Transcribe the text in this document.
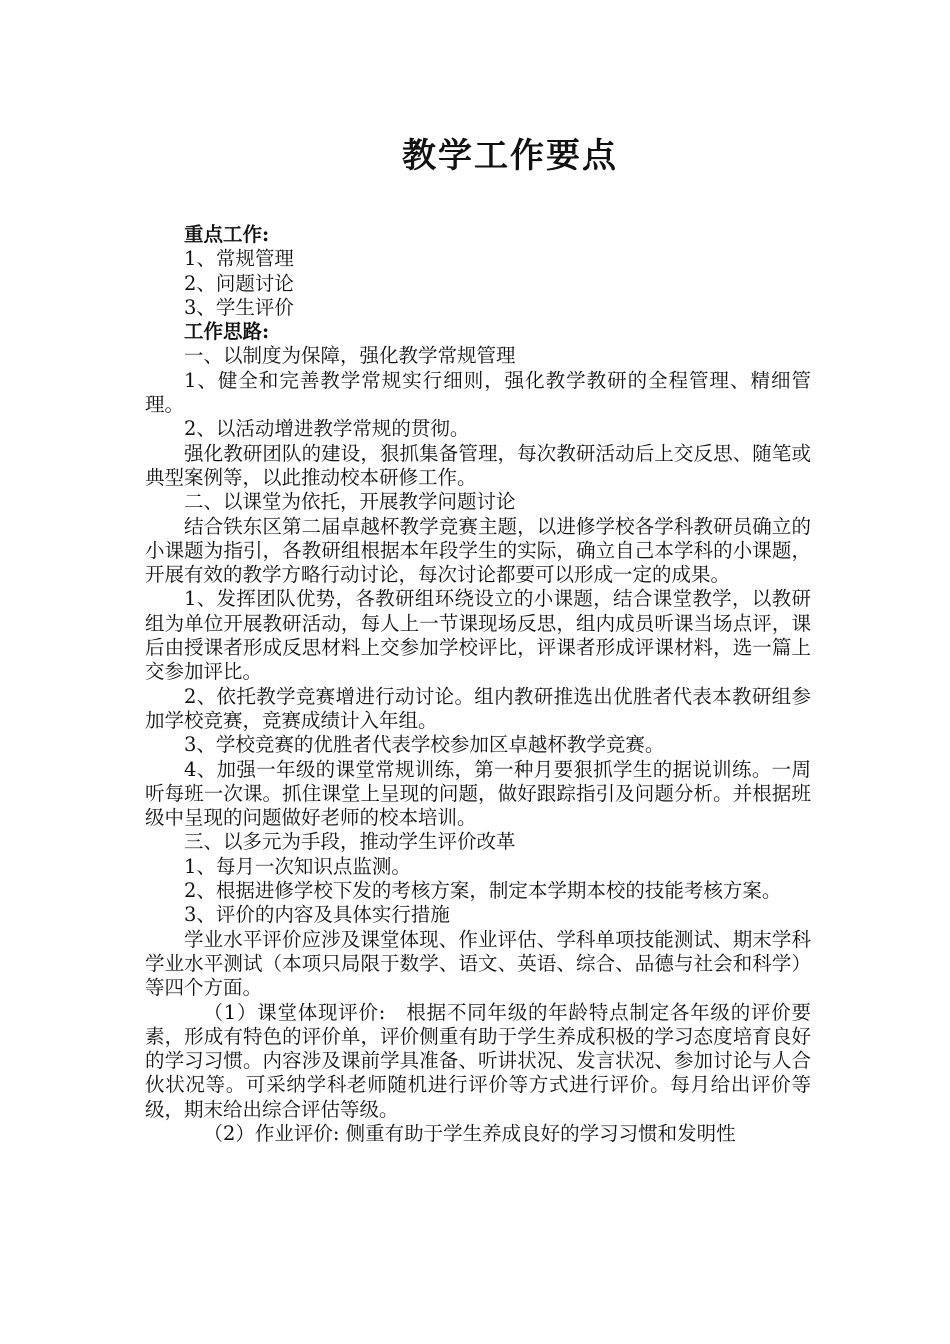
教学工作要点

重点工作:

1、常规管理

2、问题讨论

3、学生评价

工作思路:

一、以制度为保障，强化教学常规管理

1、健全和完善教学常规实行细则，强化教学教研的全程管理、精细管理。

2、以活动增进教学常规的贯彻。

强化教研团队的建设，狠抓集备管理，每次教研活动后上交反思、随笔或典型案例等，以此推动校本研修工作。

二、以课堂为依托，开展教学问题讨论

结合铁东区第二届卓越杯教学竞赛主题，以进修学校各学科教研员确立的小课题为指引，各教研组根据本年段学生的实际，确立自己本学科的小课题，开展有效的教学方略行动讨论，每次讨论都要可以形成一定的成果。

1、发挥团队优势，各教研组环绕设立的小课题，结合课堂教学，以教研组为单位开展教研活动，每人上一节课现场反思，组内成员听课当场点评，课后由授课者形成反思材料上交参加学校评比，评课者形成评课材料，选一篇上交参加评比。

2、依托教学竞赛增进行动讨论。组内教研推选出优胜者代表本教研组参加学校竞赛，竞赛成绩计入年组。

3、学校竞赛的优胜者代表学校参加区卓越杯教学竞赛。

4、加强一年级的课堂常规训练，第一种月要狠抓学生的据说训练。一周听每班一次课。抓住课堂上呈现的问题，做好跟踪指引及问题分析。并根据班级中呈现的问题做好老师的校本培训。

三、以多元为手段，推动学生评价改革

1、每月一次知识点监测。

2、根据进修学校下发的考核方案，制定本学期本校的技能考核方案。

3、评价的内容及具体实行措施

学业水平评价应涉及课堂体现、作业评估、学科单项技能测试、期末学科学业水平测试（本项只局限于数学、语文、英语、综合、品德与社会和科学）等四个方面。

（1）课堂体现评价:　根据不同年级的年龄特点制定各年级的评价要素，形成有特色的评价单，评价侧重有助于学生养成积极的学习态度培育良好的学习习惯。内容涉及课前学具准备、听讲状况、发言状况、参加讨论与人合伙状况等。可采纳学科老师随机进行评价等方式进行评价。每月给出评价等级，期末给出综合评估等级。

（2）作业评价: 侧重有助于学生养成良好的学习习惯和发明性
